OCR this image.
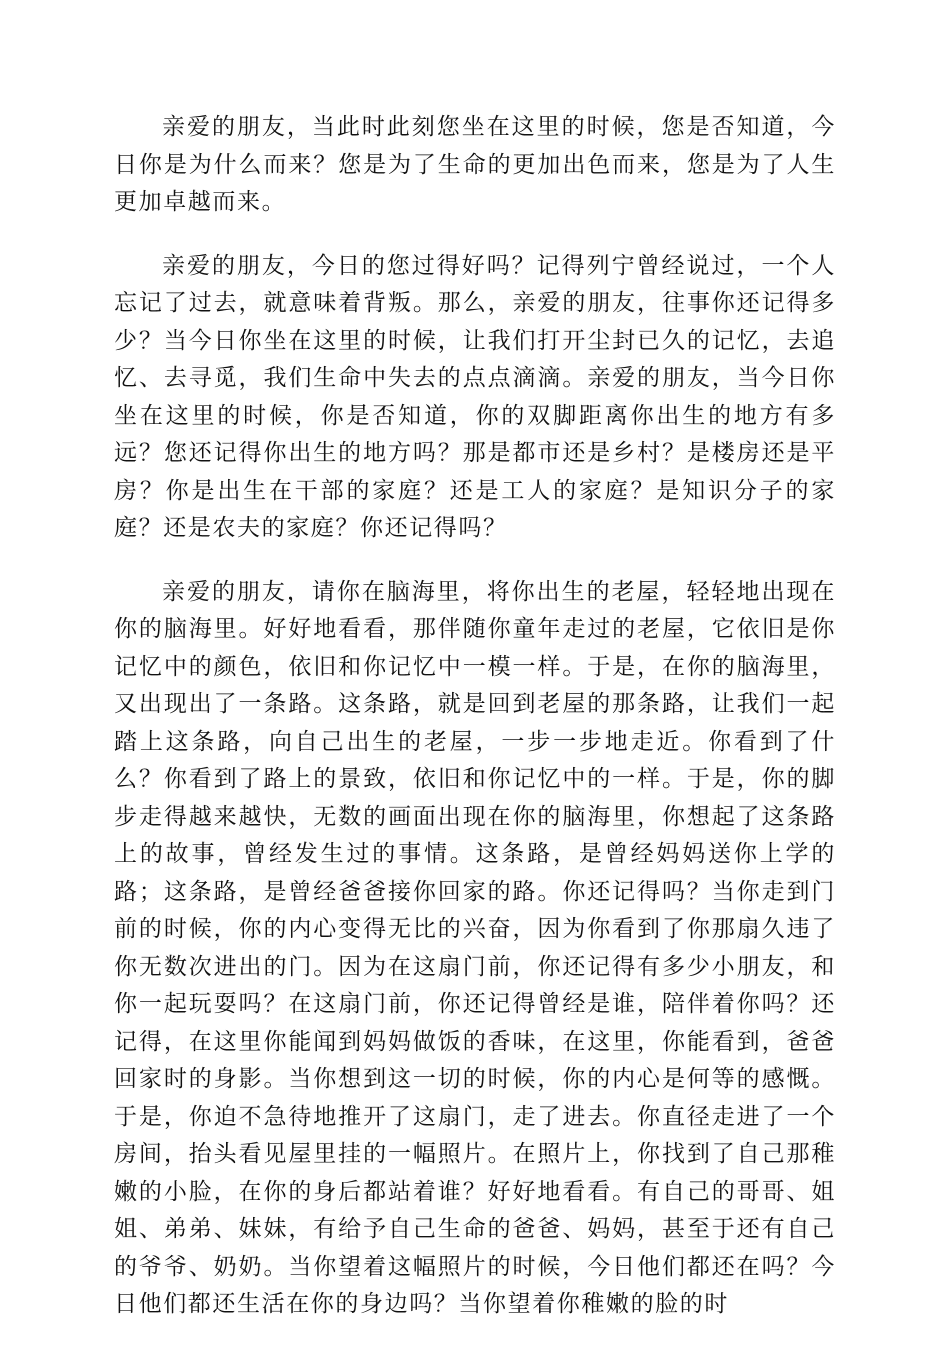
亲爱的朋友，当此时此刻您坐在这里的时候，您是否知道，今日你是为什么而来？您是为了生命的更加出色而来，您是为了人生更加卓越而来。

亲爱的朋友，今日的您过得好吗？记得列宁曾经说过，一个人忘记了过去，就意味着背叛。那么，亲爱的朋友，往事你还记得多少？当今日你坐在这里的时候，让我们打开尘封已久的记忆，去追忆、去寻觅，我们生命中失去的点点滴滴。亲爱的朋友，当今日你坐在这里的时候，你是否知道，你的双脚距离你出生的地方有多远？您还记得你出生的地方吗？那是都市还是乡村？是楼房还是平房？你是出生在干部的家庭？还是工人的家庭？是知识分子的家庭？还是农夫的家庭？你还记得吗？

亲爱的朋友，请你在脑海里，将你出生的老屋，轻轻地出现在你的脑海里。好好地看看，那伴随你童年走过的老屋，它依旧是你记忆中的颜色，依旧和你记忆中一模一样。于是，在你的脑海里，又出现出了一条路。这条路，就是回到老屋的那条路，让我们一起踏上这条路，向自己出生的老屋，一步一步地走近。你看到了什么？你看到了路上的景致，依旧和你记忆中的一样。于是，你的脚步走得越来越快，无数的画面出现在你的脑海里，你想起了这条路上的故事，曾经发生过的事情。这条路，是曾经妈妈送你上学的路；这条路，是曾经爸爸接你回家的路。你还记得吗？当你走到门前的时候，你的内心变得无比的兴奋，因为你看到了你那扇久违了你无数次进出的门。因为在这扇门前，你还记得有多少小朋友，和你一起玩耍吗？在这扇门前，你还记得曾经是谁，陪伴着你吗？还记得，在这里你能闻到妈妈做饭的香味，在这里，你能看到，爸爸回家时的身影。当你想到这一切的时候，你的内心是何等的感慨。于是，你迫不急待地推开了这扇门，走了进去。你直径走进了一个房间，抬头看见屋里挂的一幅照片。在照片上，你找到了自己那稚嫩的小脸，在你的身后都站着谁？好好地看看。有自己的哥哥、姐姐、弟弟、妹妹，有给予自己生命的爸爸、妈妈，甚至于还有自己的爷爷、奶奶。当你望着这幅照片的时候，今日他们都还在吗？今日他们都还生活在你的身边吗？当你望着你稚嫩的脸的时
